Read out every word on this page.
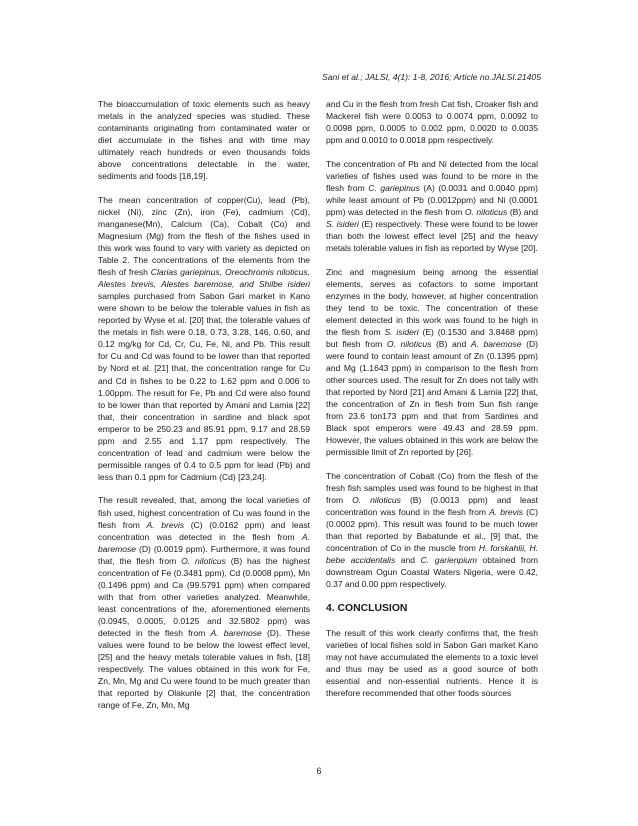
Sani et al.; JALSI, 4(1): 1-8, 2016; Article no.JALSI.21405

The bioaccumulation of toxic elements such as heavy metals in the analyzed species was studied. These contaminants originating from contaminated water or diet accumulate in the fishes and with time may ultimately reach hundreds or even thousands folds above concentrations detectable in the water, sediments and foods [18,19].

The mean concentration of copper(Cu), lead (Pb), nickel (Ni), zinc (Zn), iron (Fe), cadmium (Cd), manganese(Mn), Calcium (Ca), Cobalt (Co) and Magnesium (Mg) from the flesh of the fishes used in this work was found to vary with variety as depicted on Table 2. The concentrations of the elements from the flesh of fresh Clarias gariepinus, Oreochromis niloticus, Alestes brevis, Alestes baremose, and Shilbe isideri samples purchased from Sabon Gari market in Kano were shown to be below the tolerable values in fish as reported by Wyse et al. [20] that, the tolerable values of the metals in fish were 0.18, 0.73, 3.28, 146, 0.60, and 0.12 mg/kg for Cd, Cr, Cu, Fe, Ni, and Pb. This result for Cu and Cd was found to be lower than that reported by Nord et al. [21] that, the concentration range for Cu and Cd in fishes to be 0.22 to 1.62 ppm and 0.006 to 1.00ppm. The result for Fe, Pb and Cd were also found to be lower than that reported by Amani and Lamia [22] that, their concentration in sardine and black spot emperor to be 250.23 and 85.91 ppm, 9.17 and 28.59 ppm and 2.55 and 1.17 ppm respectively. The concentration of lead and cadmium were below the permissible ranges of 0.4 to 0.5 ppm for lead (Pb) and less than 0.1 ppm for Cadmium (Cd) [23,24].

The result revealed, that, among the local varieties of fish used, highest concentration of Cu was found in the flesh from A. brevis (C) (0.0162 ppm) and least concentration was detected in the flesh from A. baremose (D) (0.0019 ppm). Furthermore, it was found that, the flesh from O. niloticus (B) has the highest concentration of Fe (0.3481 ppm), Cd (0.0008 ppm), Mn (0.1496 ppm) and Ca (99.5791 ppm) when compared with that from other varieties analyzed. Meanwhile, least concentrations of the, aforementioned elements (0.0945, 0.0005, 0.0125 and 32.5802 ppm) was detected in the flesh from A. baremose (D). These values were found to be below the lowest effect level, [25] and the heavy metals tolerable values in fish, [18] respectively. The values obtained in this work for Fe, Zn, Mn, Mg and Cu were found to be much greater than that reported by Olakunle [2] that, the concentration range of Fe, Zn, Mn, Mg

and Cu in the flesh from fresh Cat fish, Croaker fish and Mackerel fish were 0.0053 to 0.0074 ppm, 0.0092 to 0.0098 ppm, 0.0005 to 0.002 ppm, 0.0020 to 0.0035 ppm and 0.0010 to 0.0018 ppm respectively.

The concentration of Pb and Ni detected from the local varieties of fishes used was found to be more in the flesh from C. gariepinus (A) (0.0031 and 0.0040 ppm) while least amount of Pb (0.0012ppm) and Ni (0.0001 ppm) was detected in the flesh from O. niloticus (B) and S. isideri (E) respectively. These were found to be lower than both the lowest effect level [25] and the heavy metals tolerable values in fish as reported by Wyse [20].

Zinc and magnesium being among the essential elements, serves as cofactors to some important enzymes in the body, however, at higher concentration they tend to be toxic. The concentration of these element detected in this work was found to be high in the flesh from S. isideri (E) (0.1530 and 3.8468 ppm) but flesh from O. niloticus (B) and A. baremose (D) were found to contain least amount of Zn (0.1395 ppm) and Mg (1.1643 ppm) in comparison to the flesh from other sources used. The result for Zn does not tally with that reported by Nord [21] and Amani & Lamia [22] that, the concentration of Zn in flesh from Sun fish range from 23.6 ton173 ppm and that from Sardines and Black spot emperors were 49.43 and 28.59 ppm. However, the values obtained in this work are below the permissible limit of Zn reported by [26].

The concentration of Cobalt (Co) from the flesh of the fresh fish samples used was found to be highest in that from O. niloticus (B) (0.0013 ppm) and least concentration was found in the flesh from A. brevis (C) (0.0002 ppm). This result was found to be much lower than that reported by Babatunde et al., [9] that, the concentration of Co in the muscle from H. forskahlii, H. bebe accidentalis and C. garienpium obtained from downstream Ogun Coastal Waters Nigeria, were 0.42, 0.37 and 0.00 ppm respectively.

4. CONCLUSION

The result of this work clearly confirms that, the fresh varieties of local fishes sold in Sabon Gari market Kano may not have accumulated the elements to a toxic level and thus may be used as a good source of both essential and non-essential nutrients. Hence it is therefore recommended that other foods sources

6
